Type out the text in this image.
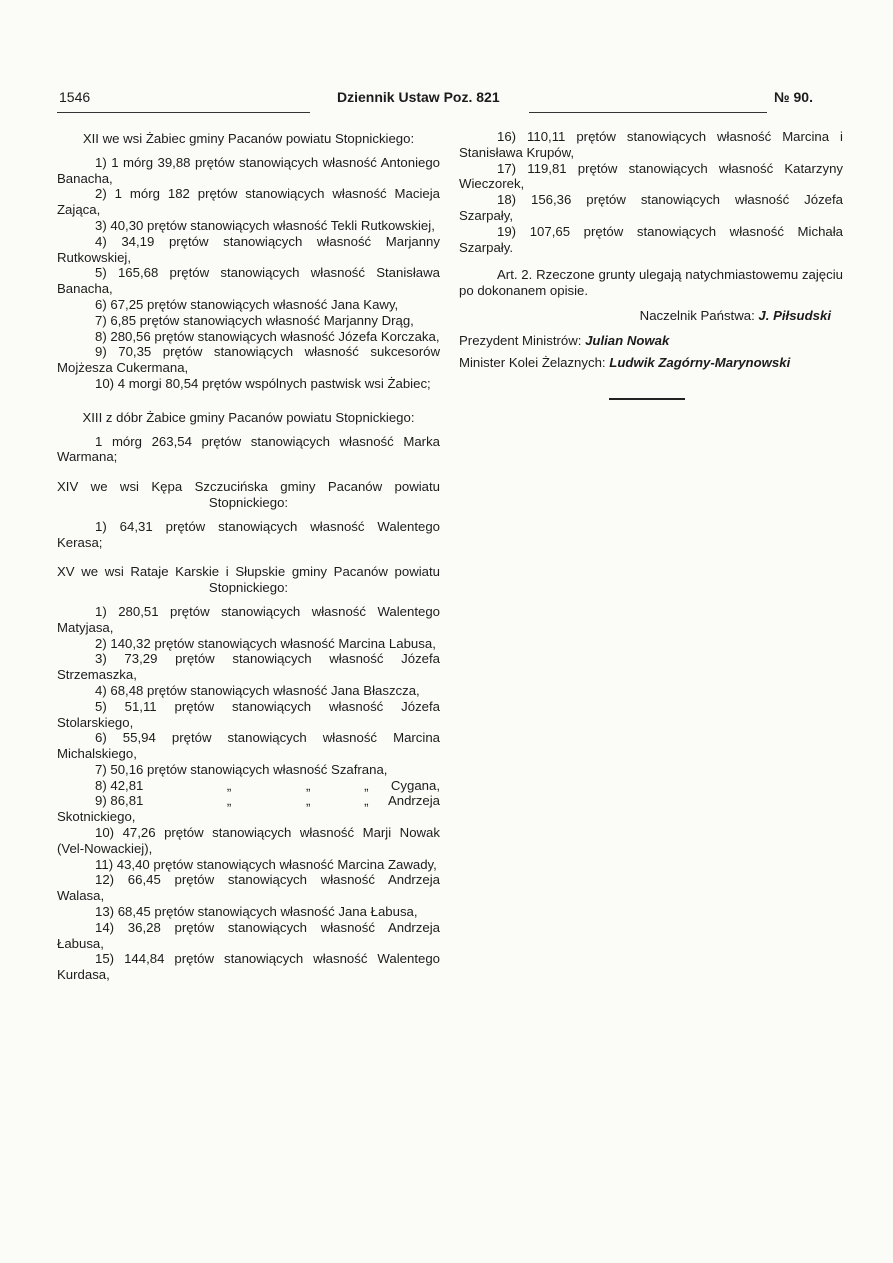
1546	Dziennik Ustaw Poz. 821	№ 90.

XII we wsi Żabiec gminy Pacanów powiatu Stopnickiego:

1) 1 mórg 39,88 prętów stanowiących własność Antoniego Banacha,

2) 1 mórg 182 prętów stanowiących własność Macieja Zająca,

3) 40,30 prętów stanowiących własność Tekli Rutkowskiej,

4) 34,19 prętów stanowiących własność Marjanny Rutkowskiej,

5) 165,68 prętów stanowiących własność Stanisława Banacha,

6) 67,25 prętów stanowiących własność Jana Kawy,

7) 6,85 prętów stanowiących własność Marjanny Drąg,

8) 280,56 prętów stanowiących własność Józefa Korczaka,

9) 70,35 prętów stanowiących własność sukcesorów Mojżesza Cukermana,

10) 4 morgi 80,54 prętów wspólnych pastwisk wsi Żabiec;

XIII z dóbr Żabice gminy Pacanów powiatu Stopnickiego:

1 mórg 263,54 prętów stanowiących własność Marka Warmana;

XIV we wsi Kępa Szczucińska gminy Pacanów powiatu Stopnickiego:

1) 64,31 prętów stanowiących własność Walentego Kerasa;

XV we wsi Rataje Karskie i Słupskie gminy Pacanów powiatu Stopnickiego:

1) 280,51 prętów stanowiących własność Walentego Matyjasa,

2) 140,32 prętów stanowiących własność Marcina Labusa,

3) 73,29 prętów stanowiących własność Józefa Strzemaszka,

4) 68,48 prętów stanowiących własność Jana Błaszcza,

5) 51,11 prętów stanowiących własność Józefa Stolarskiego,

6) 55,94 prętów stanowiących własność Marcina Michalskiego,

7) 50,16 prętów stanowiących własność Szafrana,

8) 42,81	„	„	„	Cygana,
9) 86,81	„	„	„	Andrzeja

Skotnickiego,

10) 47,26 prętów stanowiących własność Marji Nowak (Vel-Nowackiej),

11) 43,40 prętów stanowiących własność Marcina Zawady,

12) 66,45 prętów stanowiących własność Andrzeja Walasa,

13) 68,45 prętów stanowiących własność Jana Łabusa,

14) 36,28 prętów stanowiących własność Andrzeja Łabusa,

15) 144,84 prętów stanowiących własność Walentego Kurdasa,

16) 110,11 prętów stanowiących własność Marcina i Stanisława Krupów,

17) 119,81 prętów stanowiących własność Katarzyny Wieczorek,

18) 156,36 prętów stanowiących własność Józefa Szarpały,

19) 107,65 prętów stanowiących własność Michała Szarpały.

Art. 2. Rzeczone grunty ulegają natychmiastowemu zajęciu po dokonanem opisie.

Naczelnik Państwa: J. Piłsudski

Prezydent Ministrów: Julian Nowak

Minister Kolei Żelaznych: Ludwik Zagórny-Marynowski
